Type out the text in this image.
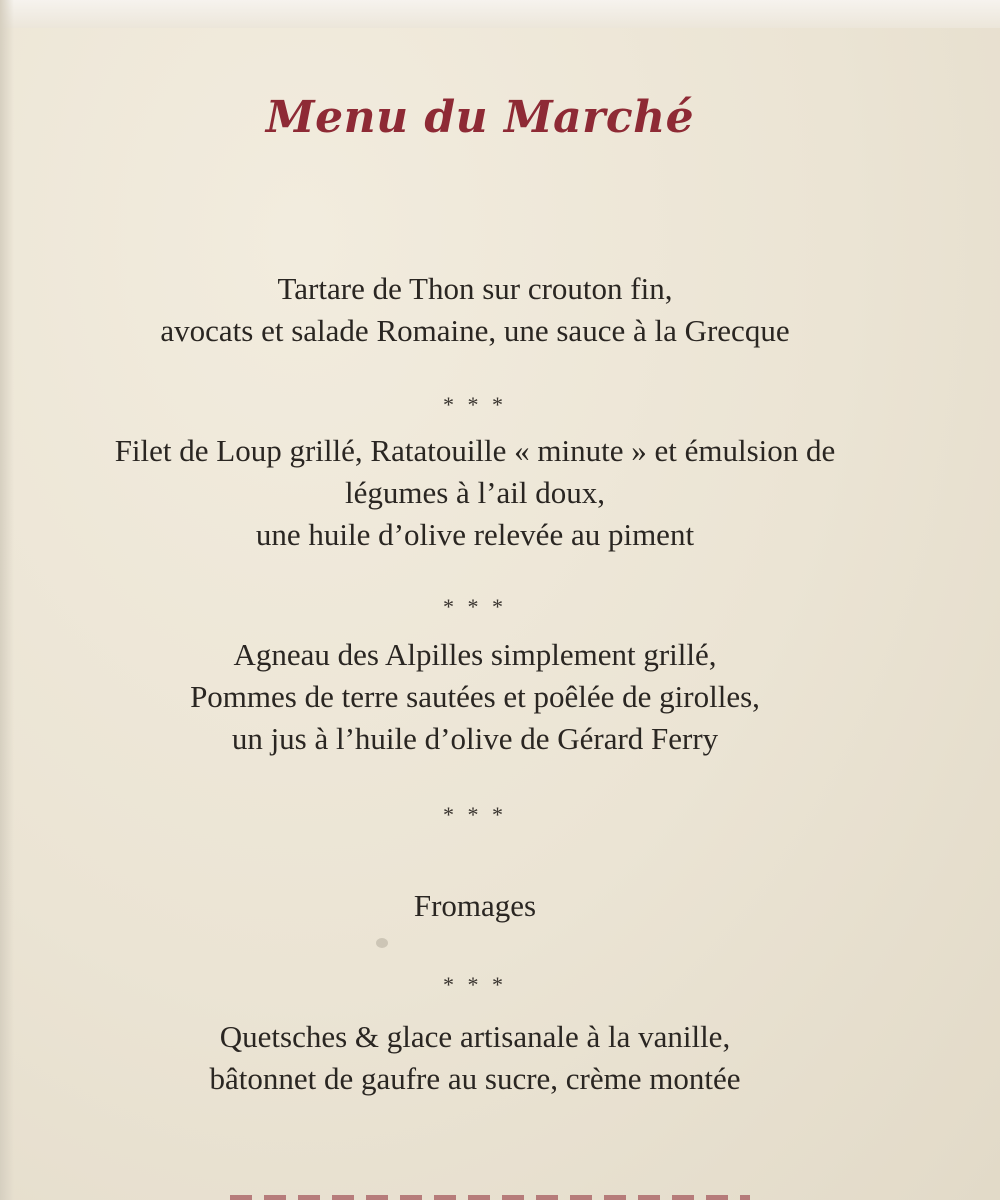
Menu du Marché
Tartare de Thon sur crouton fin,
avocats et salade Romaine, une sauce à la Grecque
* * *
Filet de Loup grillé, Ratatouille « minute » et émulsion de
légumes à l’ail doux,
une huile d’olive relevée au piment
* * *
Agneau des Alpilles simplement grillé,
Pommes de terre sautées et poêlée de girolles,
un jus à l’huile d’olive de Gérard Ferry
* * *
Fromages
* * *
Quetsches & glace artisanale à la vanille,
bâtonnet de gaufre au sucre, crème montée
